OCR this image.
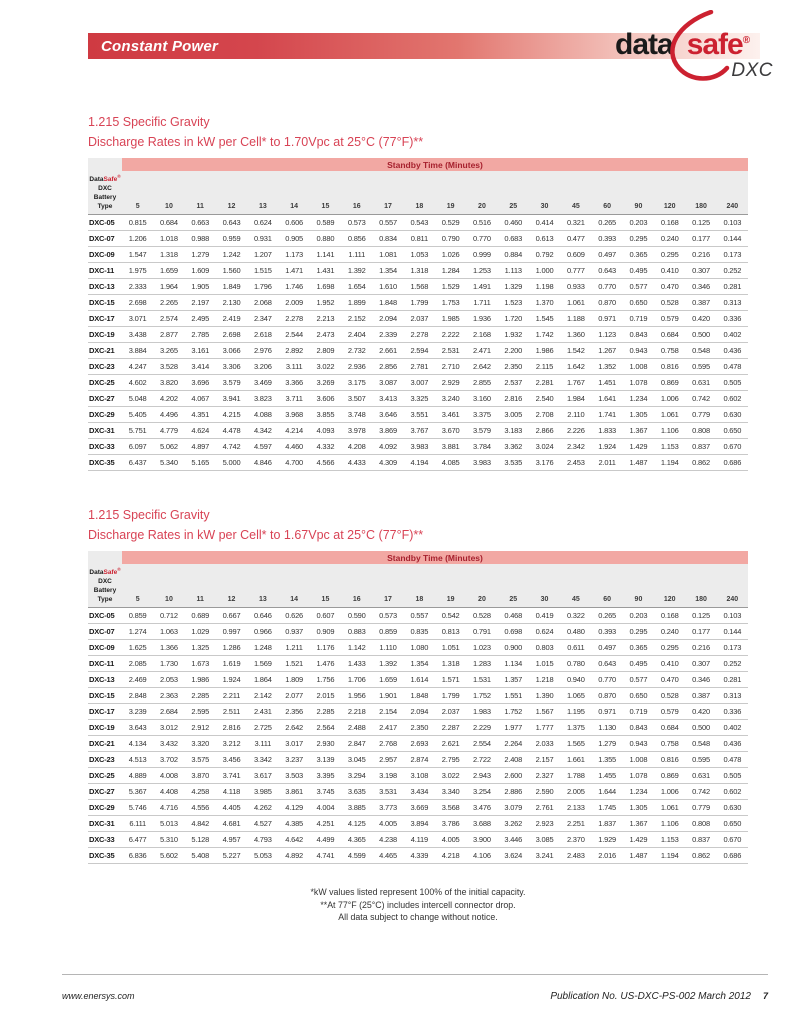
Constant Power	data safe®
DXC
1.215 Specific Gravity
Discharge Rates in kW per Cell* to 1.70Vpc at 25°C (77°F)**
Standby Time (Minutes)
DataSafe®
DXC Battery
Type	5	10	11	12	13	14	15	16	17	18	19	20	25	30	45	60	90	120	180	240
DXC-05	0.815	0.684	0.663	0.643	0.624	0.606	0.589	0.573	0.557	0.543	0.529	0.516	0.460	0.414	0.321	0.265	0.203	0.168	0.125	0.103
DXC-07	1.206	1.018	0.988	0.959	0.931	0.905	0.880	0.856	0.834	0.811	0.790	0.770	0.683	0.613	0.477	0.393	0.295	0.240	0.177	0.144
DXC-09	1.547	1.318	1.279	1.242	1.207	1.173	1.141	1.111	1.081	1.053	1.026	0.999	0.884	0.792	0.609	0.497	0.365	0.295	0.216	0.173
DXC-11	1.975	1.659	1.609	1.560	1.515	1.471	1.431	1.392	1.354	1.318	1.284	1.253	1.113	1.000	0.777	0.643	0.495	0.410	0.307	0.252
DXC-13	2.333	1.964	1.905	1.849	1.796	1.746	1.698	1.654	1.610	1.568	1.529	1.491	1.329	1.198	0.933	0.770	0.577	0.470	0.346	0.281
DXC-15	2.698	2.265	2.197	2.130	2.068	2.009	1.952	1.899	1.848	1.799	1.753	1.711	1.523	1.370	1.061	0.870	0.650	0.528	0.387	0.313
DXC-17	3.071	2.574	2.495	2.419	2.347	2.278	2.213	2.152	2.094	2.037	1.985	1.936	1.720	1.545	1.188	0.971	0.719	0.579	0.420	0.336
DXC-19	3.438	2.877	2.785	2.698	2.618	2.544	2.473	2.404	2.339	2.278	2.222	2.168	1.932	1.742	1.360	1.123	0.843	0.684	0.500	0.402
DXC-21	3.884	3.265	3.161	3.066	2.976	2.892	2.809	2.732	2.661	2.594	2.531	2.471	2.200	1.986	1.542	1.267	0.943	0.758	0.548	0.436
DXC-23	4.247	3.528	3.414	3.306	3.206	3.111	3.022	2.936	2.856	2.781	2.710	2.642	2.350	2.115	1.642	1.352	1.008	0.816	0.595	0.478
DXC-25	4.602	3.820	3.696	3.579	3.469	3.366	3.269	3.175	3.087	3.007	2.929	2.855	2.537	2.281	1.767	1.451	1.078	0.869	0.631	0.505
DXC-27	5.048	4.202	4.067	3.941	3.823	3.711	3.606	3.507	3.413	3.325	3.240	3.160	2.816	2.540	1.984	1.641	1.234	1.006	0.742	0.602
DXC-29	5.405	4.496	4.351	4.215	4.088	3.968	3.855	3.748	3.646	3.551	3.461	3.375	3.005	2.708	2.110	1.741	1.305	1.061	0.779	0.630
DXC-31	5.751	4.779	4.624	4.478	4.342	4.214	4.093	3.978	3.869	3.767	3.670	3.579	3.183	2.866	2.226	1.833	1.367	1.106	0.808	0.650
DXC-33	6.097	5.062	4.897	4.742	4.597	4.460	4.332	4.208	4.092	3.983	3.881	3.784	3.362	3.024	2.342	1.924	1.429	1.153	0.837	0.670
DXC-35	6.437	5.340	5.165	5.000	4.846	4.700	4.566	4.433	4.309	4.194	4.085	3.983	3.535	3.176	2.453	2.011	1.487	1.194	0.862	0.686
1.215 Specific Gravity
Discharge Rates in kW per Cell* to 1.67Vpc at 25°C (77°F)**
Standby Time (Minutes)
DataSafe®
DXC Battery
Type	5	10	11	12	13	14	15	16	17	18	19	20	25	30	45	60	90	120	180	240
DXC-05	0.859	0.712	0.689	0.667	0.646	0.626	0.607	0.590	0.573	0.557	0.542	0.528	0.468	0.419	0.322	0.265	0.203	0.168	0.125	0.103
DXC-07	1.274	1.063	1.029	0.997	0.966	0.937	0.909	0.883	0.859	0.835	0.813	0.791	0.698	0.624	0.480	0.393	0.295	0.240	0.177	0.144
DXC-09	1.625	1.366	1.325	1.286	1.248	1.211	1.176	1.142	1.110	1.080	1.051	1.023	0.900	0.803	0.611	0.497	0.365	0.295	0.216	0.173
DXC-11	2.085	1.730	1.673	1.619	1.569	1.521	1.476	1.433	1.392	1.354	1.318	1.283	1.134	1.015	0.780	0.643	0.495	0.410	0.307	0.252
DXC-13	2.469	2.053	1.986	1.924	1.864	1.809	1.756	1.706	1.659	1.614	1.571	1.531	1.357	1.218	0.940	0.770	0.577	0.470	0.346	0.281
DXC-15	2.848	2.363	2.285	2.211	2.142	2.077	2.015	1.956	1.901	1.848	1.799	1.752	1.551	1.390	1.065	0.870	0.650	0.528	0.387	0.313
DXC-17	3.239	2.684	2.595	2.511	2.431	2.356	2.285	2.218	2.154	2.094	2.037	1.983	1.752	1.567	1.195	0.971	0.719	0.579	0.420	0.336
DXC-19	3.643	3.012	2.912	2.816	2.725	2.642	2.564	2.488	2.417	2.350	2.287	2.229	1.977	1.777	1.375	1.130	0.843	0.684	0.500	0.402
DXC-21	4.134	3.432	3.320	3.212	3.111	3.017	2.930	2.847	2.768	2.693	2.621	2.554	2.264	2.033	1.565	1.279	0.943	0.758	0.548	0.436
DXC-23	4.513	3.702	3.575	3.456	3.342	3.237	3.139	3.045	2.957	2.874	2.795	2.722	2.408	2.157	1.661	1.355	1.008	0.816	0.595	0.478
DXC-25	4.889	4.008	3.870	3.741	3.617	3.503	3.395	3.294	3.198	3.108	3.022	2.943	2.600	2.327	1.788	1.455	1.078	0.869	0.631	0.505
DXC-27	5.367	4.408	4.258	4.118	3.985	3.861	3.745	3.635	3.531	3.434	3.340	3.254	2.886	2.590	2.005	1.644	1.234	1.006	0.742	0.602
DXC-29	5.746	4.716	4.556	4.405	4.262	4.129	4.004	3.885	3.773	3.669	3.568	3.476	3.079	2.761	2.133	1.745	1.305	1.061	0.779	0.630
DXC-31	6.111	5.013	4.842	4.681	4.527	4.385	4.251	4.125	4.005	3.894	3.786	3.688	3.262	2.923	2.251	1.837	1.367	1.106	0.808	0.650
DXC-33	6.477	5.310	5.128	4.957	4.793	4.642	4.499	4.365	4.238	4.119	4.005	3.900	3.446	3.085	2.370	1.929	1.429	1.153	0.837	0.670
DXC-35	6.836	5.602	5.408	5.227	5.053	4.892	4.741	4.599	4.465	4.339	4.218	4.106	3.624	3.241	2.483	2.016	1.487	1.194	0.862	0.686
*kW values listed represent 100% of the initial capacity.
**At 77°F (25°C) includes intercell connector drop.
All data subject to change without notice.
www.enersys.com	Publication No. US-DXC-PS-002 March 2012 7
